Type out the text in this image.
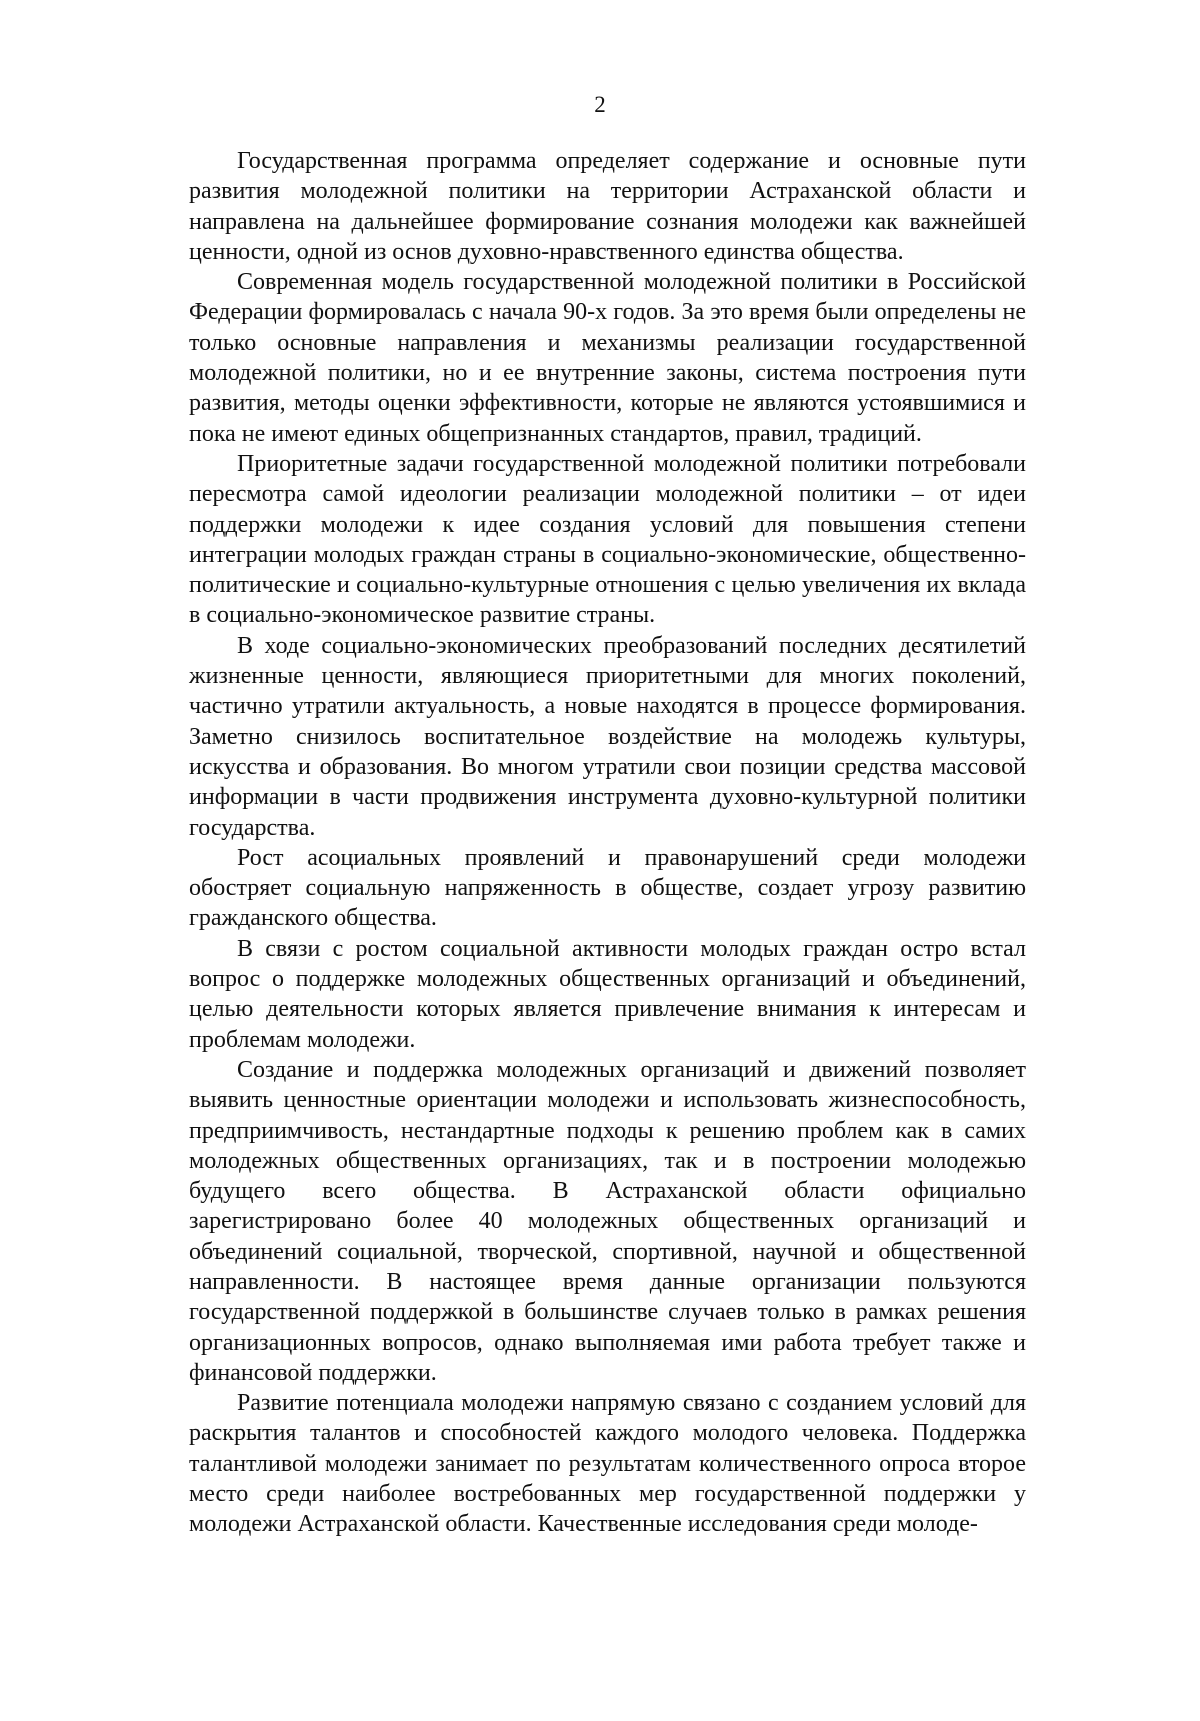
2

Государственная программа определяет содержание и основные пути развития молодежной политики на территории Астраханской области и направлена на дальнейшее формирование сознания молодежи как важнейшей ценности, одной из основ духовно-нравственного единства общества.

Современная модель государственной молодежной политики в Российской Федерации формировалась с начала 90-х годов. За это время были определены не только основные направления и механизмы реализации государственной молодежной политики, но и ее внутренние законы, система построения пути развития, методы оценки эффективности, которые не являются устоявшимися и пока не имеют единых общепризнанных стандартов, правил, традиций.

Приоритетные задачи государственной молодежной политики потребовали пересмотра самой идеологии реализации молодежной политики – от идеи поддержки молодежи к идее создания условий для повышения степени интеграции молодых граждан страны в социально-экономические, общественно-политические и социально-культурные отношения с целью увеличения их вклада в социально-экономическое развитие страны.

В ходе социально-экономических преобразований последних десятилетий жизненные ценности, являющиеся приоритетными для многих поколений, частично утратили актуальность, а новые находятся в процессе формирования. Заметно снизилось воспитательное воздействие на молодежь культуры, искусства и образования. Во многом утратили свои позиции средства массовой информации в части продвижения инструмента духовно-культурной политики государства.

Рост асоциальных проявлений и правонарушений среди молодежи обостряет социальную напряженность в обществе, создает угрозу развитию гражданского общества.

В связи с ростом социальной активности молодых граждан остро встал вопрос о поддержке молодежных общественных организаций и объединений, целью деятельности которых является привлечение внимания к интересам и проблемам молодежи.

Создание и поддержка молодежных организаций и движений позволяет выявить ценностные ориентации молодежи и использовать жизнеспособность, предприимчивость, нестандартные подходы к решению проблем как в самих молодежных общественных организациях, так и в построении молодежью будущего всего общества. В Астраханской области официально зарегистрировано более 40 молодежных общественных организаций и объединений социальной, творческой, спортивной, научной и общественной направленности. В настоящее время данные организации пользуются государственной поддержкой в большинстве случаев только в рамках решения организационных вопросов, однако выполняемая ими работа требует также и финансовой поддержки.

Развитие потенциала молодежи напрямую связано с созданием условий для раскрытия талантов и способностей каждого молодого человека. Поддержка талантливой молодежи занимает по результатам количественного опроса второе место среди наиболее востребованных мер государственной поддержки у молодежи Астраханской области. Качественные исследования среди молоде-
